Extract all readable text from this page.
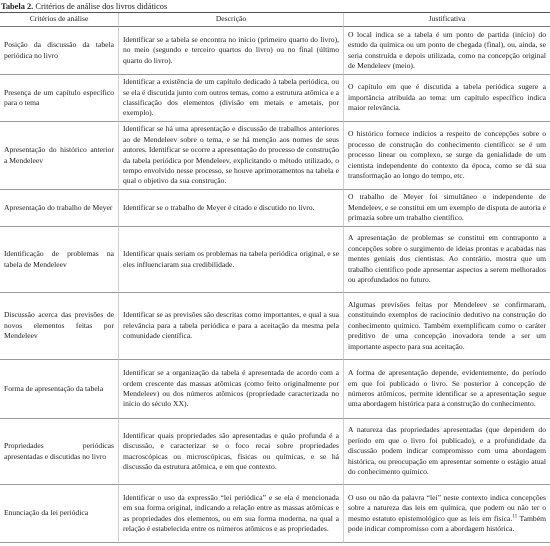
Tabela 2. Critérios de análise dos livros didáticos
Critérios de análise	Descrição	Justificativa
Posição da discussão da tabela periódica no livro
Identificar se a tabela se encontra no início (primeiro quarto do livro), no meio (segundo e terceiro quartos do livro) ou no final (último quarto do livro).
O local indica se a tabela é um ponto de partida (início) do estudo da química ou um ponto de chegada (final), ou, ainda, se seria construída e depois utilizada, como na concepção original de Mendeleev (meio).
Presença de um capítulo específico para o tema
Identificar a existência de um capítulo dedicado à tabela periódica, ou se ela é discutida junto com outros temas, como a estrutura atômica e a classificação dos elementos (divisão em metais e ametais, por exemplo).
O capítulo em que é discutida a tabela periódica sugere a importância atribuída ao tema: um capítulo específico indica maior relevância.
Apresentação do histórico anterior a Mendeleev
Identificar se há uma apresentação e discussão de trabalhos anteriores ao de Mendeleev sobre o tema, e se há menção aos nomes de seus autores. Identificar se ocorre a apresentação do processo de construção da tabela periódica por Mendeleev, explicitando o método utilizado, o tempo envolvido nesse processo, se houve aprimoramentos na tabela e qual o objetivo da sua construção.
O histórico fornece indícios a respeito de concepções sobre o processo de construção do conhecimento científico: se é um processo linear ou complexo, se surge da genialidade de um cientista independente do contexto da época, como se dá sua transformação ao longo do tempo, etc.
Apresentação do trabalho de Meyer Identificar se o trabalho de Meyer é citado e discutido no livro.
O trabalho de Meyer foi simultâneo e independente de Mendeleev, e se constitui em um exemplo de disputa de autoria e primazia sobre um trabalho científico.
Identificação de problemas na tabela de Mendeleev
Identificar quais seriam os problemas na tabela periódica original, e se eles influenciaram sua credibilidade.
A apresentação de problemas se constitui em contraponto a concepções sobre o surgimento de ideias prontas e acabadas nas mentes geniais dos cientistas. Ao contrário, mostra que um trabalho científico pode apresentar aspectos a serem melhorados ou aprofundados no futuro.
Discussão acerca das previsões de novos elementos feitas por Mendeleev
Identificar se as previsões são descritas como importantes, e qual a sua relevância para a tabela periódica e para a aceitação da mesma pela comunidade científica.
Algumas previsões feitas por Mendeleev se confirmaram, constituindo exemplos de raciocínio dedutivo na construção do conhecimento químico. Também exemplificam como o caráter preditivo de uma concepção inovadora tende a ser um importante aspecto para sua aceitação.
Forma de apresentação da tabela
Identificar se a organização da tabela é apresentada de acordo com a ordem crescente das massas atômicas (como feito originalmente por Mendeleev) ou dos números atômicos (propriedade caracterizada no início do século XX).
A forma de apresentação depende, evidentemente, do período em que foi publicado o livro. Se posterior à concepção de números atômicos, permite identificar se a apresentação segue uma abordagem histórica para a construção do conhecimento.
Propriedades periódicas apresentadas e discutidas no livro
Identificar quais propriedades são apresentadas e quão profunda é a discussão, e caracterizar se o foco recai sobre propriedades macroscópicas ou microscópicas, físicas ou químicas, e se há discussão da estrutura atômica, e em que contexto.
A natureza das propriedades apresentadas (que dependem do período em que o livro foi publicado), e a profundidade da discussão podem indicar compromisso com uma abordagem histórica, ou preocupação em apresentar somente o estágio atual do conhecimento químico.
Enunciação da lei periódica
Identificar o uso da expressão “lei periódica” e se ela é mencionada em sua forma original, indicando a relação entre as massas atômicas e as propriedades dos elementos, ou em sua forma moderna, na qual a relação é estabelecida entre os números atômicos e as propriedades.
O uso ou não da palavra “lei” neste contexto indica concepções sobre a natureza das leis em química, que podem ou não ter o mesmo estatuto epistemológico que as leis em física.$^{11}$ Também pode indicar compromisso com a abordagem histórica.
